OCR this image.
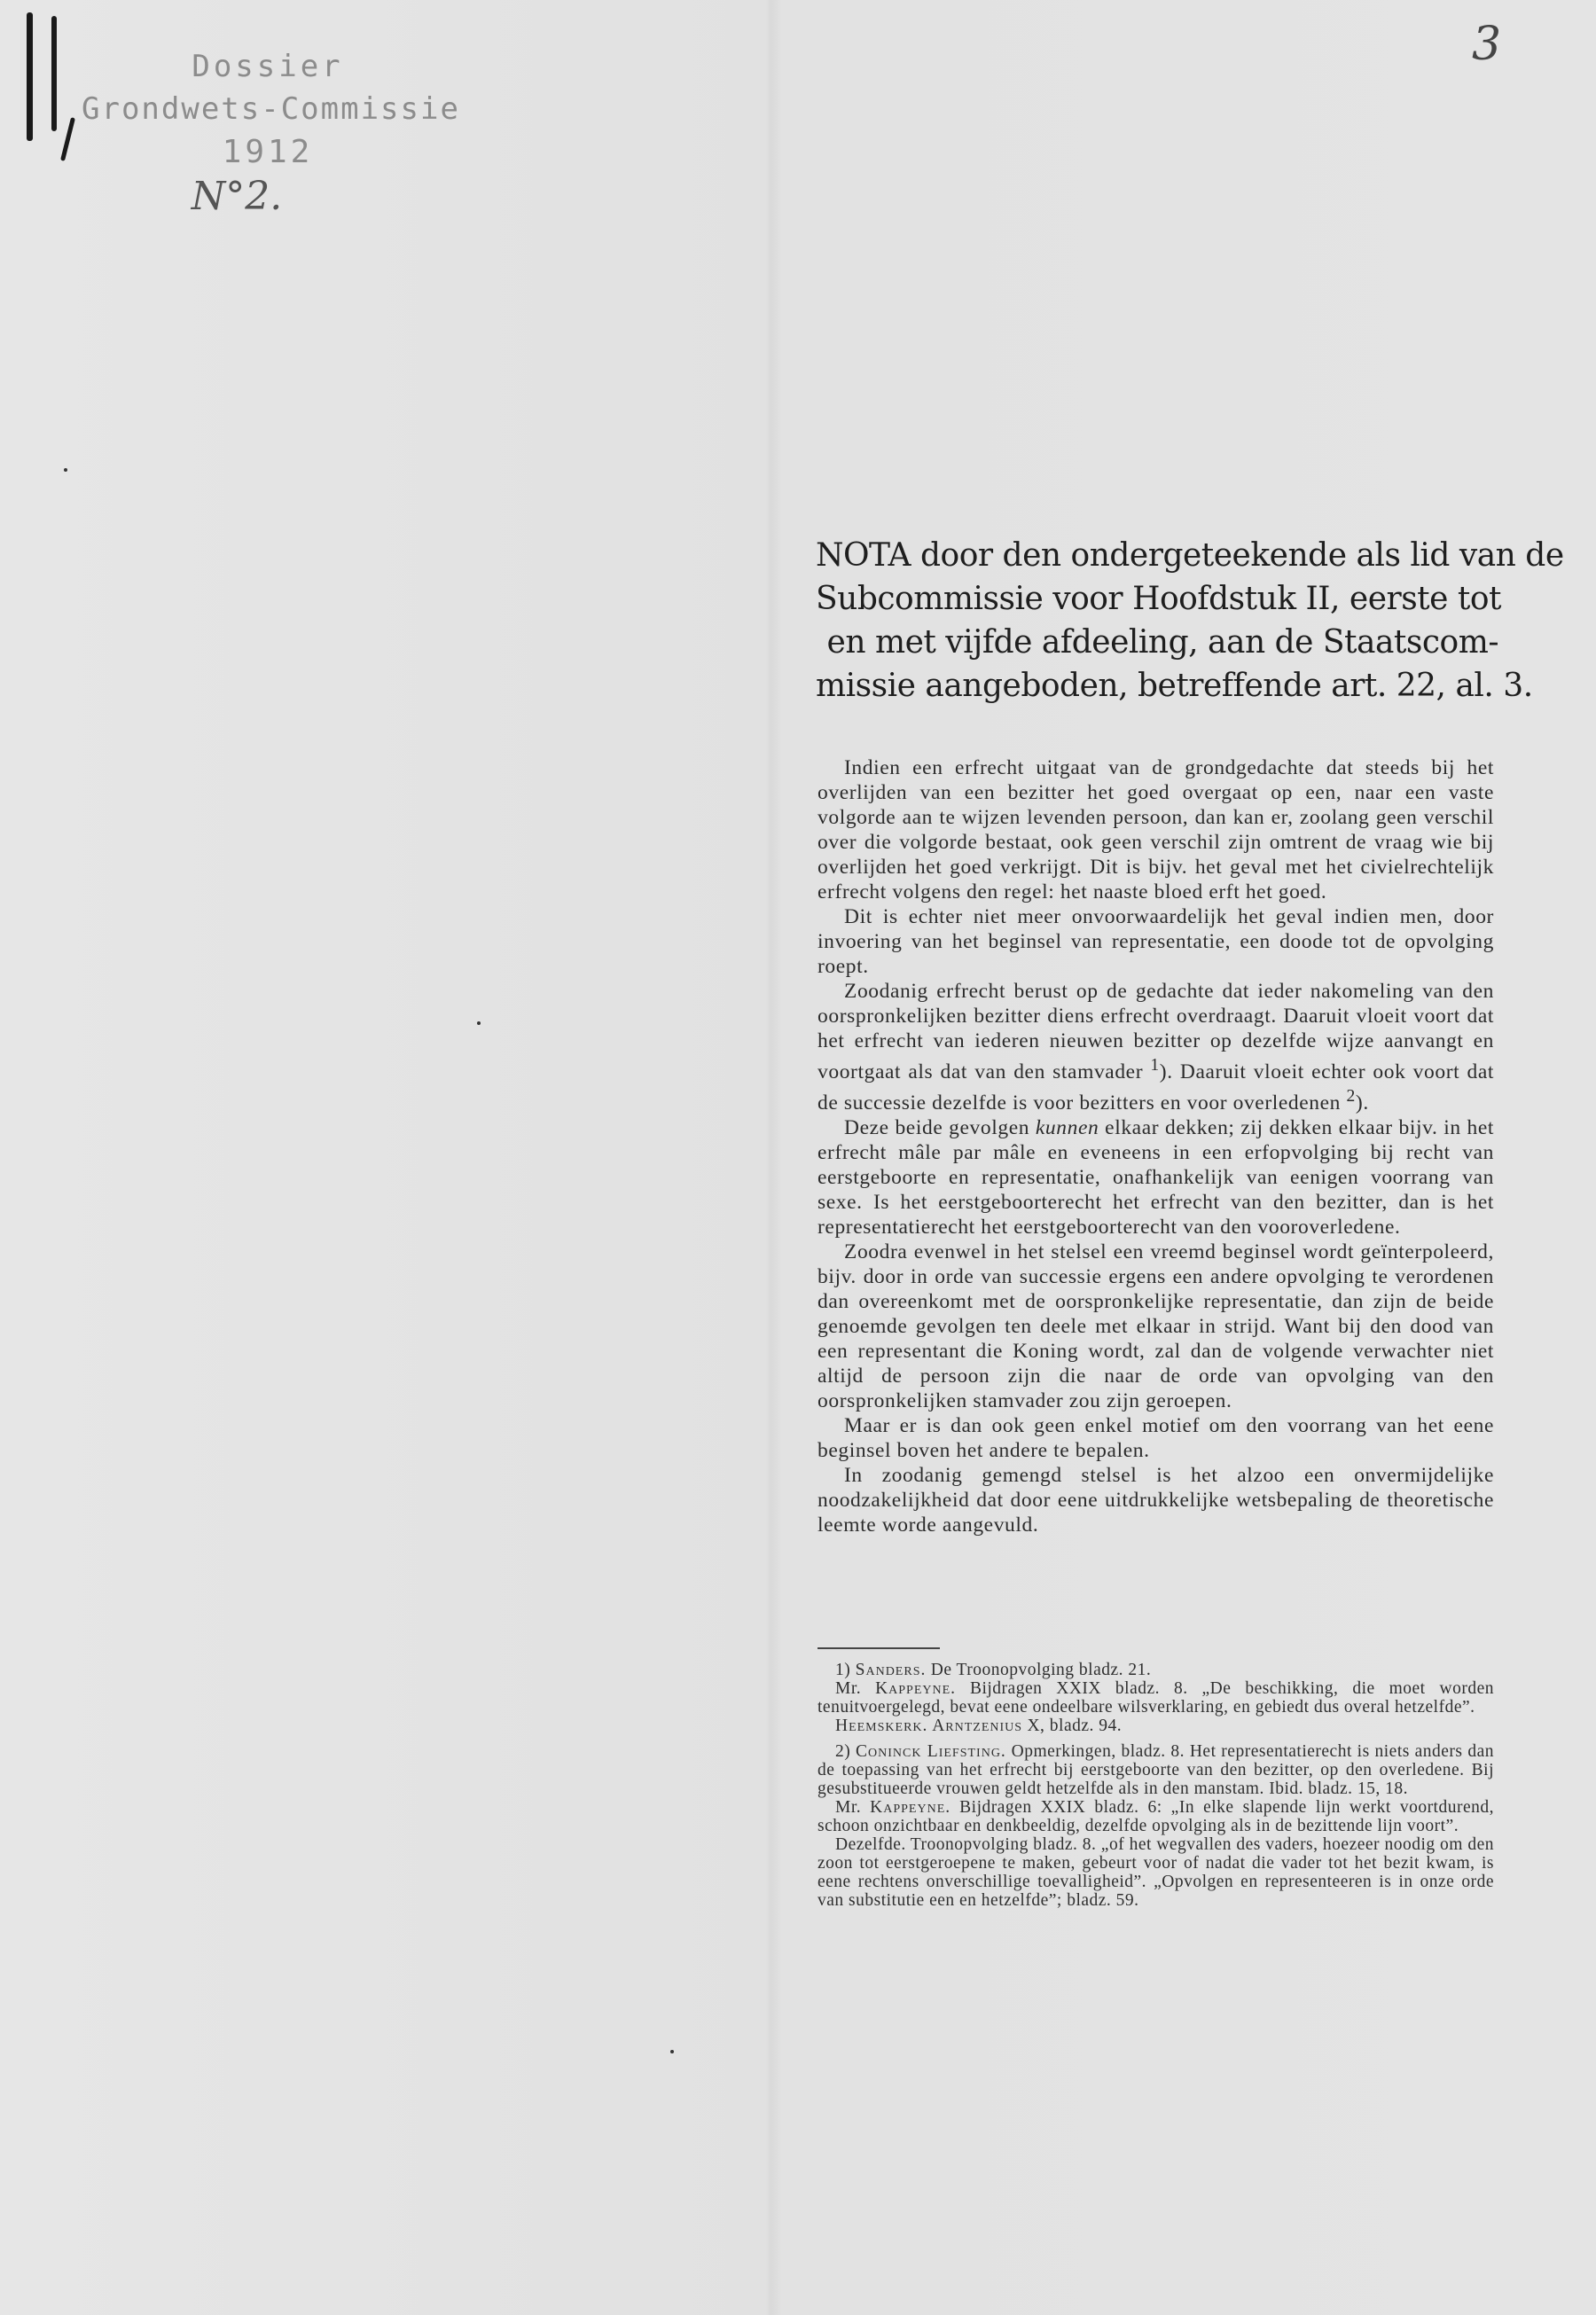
Dossier
Grondwets-Commissie
1912
N°2.
3
NOTA door den ondergeteekende als lid van de
Subcommissie voor Hoofdstuk II, eerste tot
en met vijfde afdeeling, aan de Staatscom-
missie aangeboden, betreffende art. 22, al. 3.

Indien een erfrecht uitgaat van de grondgedachte dat steeds bij het overlijden van een bezitter het goed overgaat op een, naar een vaste volgorde aan te wijzen levenden persoon, dan kan er, zoolang geen verschil over die volgorde bestaat, ook geen verschil zijn omtrent de vraag wie bij overlijden het goed verkrijgt. Dit is bijv. het geval met het civielrechtelijk erfrecht volgens den regel: het naaste bloed erft het goed.

Dit is echter niet meer onvoorwaardelijk het geval indien men, door invoering van het beginsel van representatie, een doode tot de opvolging roept.

Zoodanig erfrecht berust op de gedachte dat ieder nakomeling van den oorspronkelijken bezitter diens erfrecht overdraagt. Daaruit vloeit voort dat het erfrecht van iederen nieuwen bezitter op dezelfde wijze aanvangt en voortgaat als dat van den stamvader $^1$). Daaruit vloeit echter ook voort dat de successie dezelfde is voor bezitters en voor overledenen $^2$).

Deze beide gevolgen kunnen elkaar dekken; zij dekken elkaar bijv. in het erfrecht mâle par mâle en eveneens in een erfopvolging bij recht van eerstgeboorte en representatie, onafhankelijk van eenigen voorrang van sexe. Is het eerstgeboorterecht het erfrecht van den bezitter, dan is het representatierecht het eerstgeboorterecht van den vooroverledene.

Zoodra evenwel in het stelsel een vreemd beginsel wordt geïnterpoleerd, bijv. door in orde van successie ergens een andere opvolging te verordenen dan overeenkomt met de oorspronkelijke representatie, dan zijn de beide genoemde gevolgen ten deele met elkaar in strijd. Want bij den dood van een representant die Koning wordt, zal dan de volgende verwachter niet altijd de persoon zijn die naar de orde van opvolging van den oorspronkelijken stamvader zou zijn geroepen.

Maar er is dan ook geen enkel motief om den voorrang van het eene beginsel boven het andere te bepalen.

In zoodanig gemengd stelsel is het alzoo een onvermijdelijke noodzakelijkheid dat door eene uitdrukkelijke wetsbepaling de theoretische leemte worde aangevuld.

1) Sanders. De Troonopvolging bladz. 21.

Mr. Kappeyne. Bijdragen XXIX bladz. 8. „De beschikking, die moet worden tenuitvoergelegd, bevat eene ondeelbare wilsverklaring, en gebiedt dus overal hetzelfde”.

Heemskerk. Arntzenius X, bladz. 94.

2) Coninck Liefsting. Opmerkingen, bladz. 8. Het representatierecht is niets anders dan de toepassing van het erfrecht bij eerstgeboorte van den bezitter, op den overledene. Bij gesubstitueerde vrouwen geldt hetzelfde als in den manstam. Ibid. bladz. 15, 18.

Mr. Kappeyne. Bijdragen XXIX bladz. 6: „In elke slapende lijn werkt voortdurend, schoon onzichtbaar en denkbeeldig, dezelfde opvolging als in de bezittende lijn voort”.

Dezelfde. Troonopvolging bladz. 8. „of het wegvallen des vaders, hoezeer noodig om den zoon tot eerstgeroepene te maken, gebeurt voor of nadat die vader tot het bezit kwam, is eene rechtens onverschillige toevalligheid”. „Opvolgen en representeeren is in onze orde van substitutie een en hetzelfde”; bladz. 59.
